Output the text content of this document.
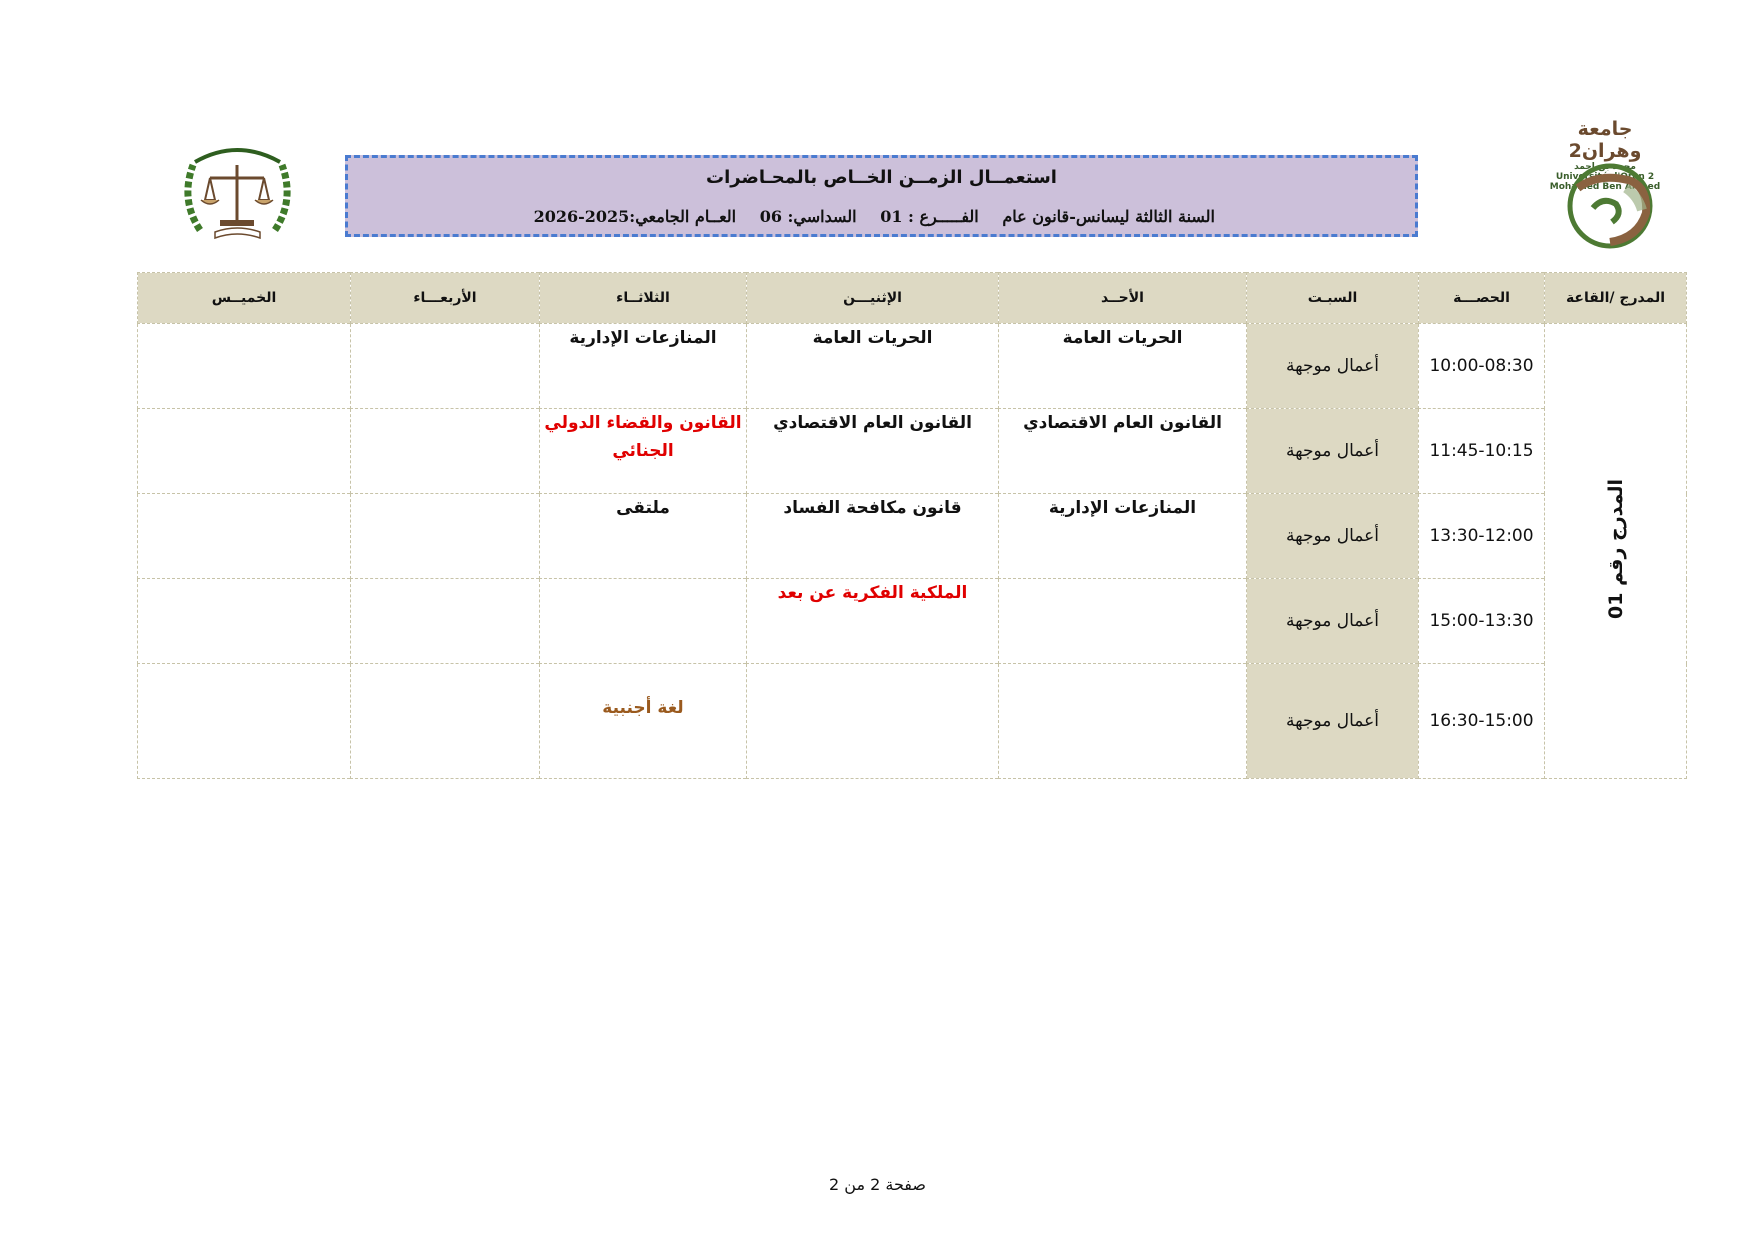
جامعة وهران2
محمد بن احمد
Université d'Oran 2
Mohamed Ben Ahmed
استعمــال الزمــن الخــاص بالمحـاضرات
السنة الثالثة ليسانس-قانون عام الفـــــرع : 01 السداسي: 06 العــام الجامعي:2025-2026
المدرج /القاعة	الحصـــة	السبـت	الأحــد	الإثنيـــن	الثلاثــاء	الأربعـــاء	الخميــس
المدرج رقم 01	10:00-08:30	أعمال موجهة	الحريات العامة	الحريات العامة	المنازعات الإدارية		
	11:45-10:15	أعمال موجهة	القانون العام الاقتصادي	القانون العام الاقتصادي	القانون والقضاء الدولي الجنائي		
	13:30-12:00	أعمال موجهة	المنازعات الإدارية	قانون مكافحة الفساد	ملتقى		
	15:00-13:30	أعمال موجهة		الملكية الفكرية عن بعد			
	16:30-15:00	أعمال موجهة			لغة أجنبية		
صفحة 2 من 2
